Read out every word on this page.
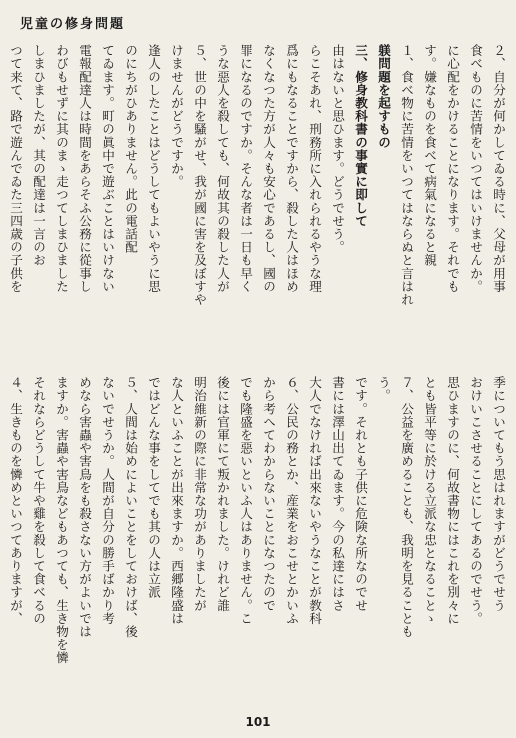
児童の修身問題
２、自分が何かしてゐる時に、父母が用事
食べものに苦情をいつてはいけませんか。
に心配をかけることになります。それでも
す。嫌なものを食べて病氣になると親
１、食べ物に苦情をいつてはならぬと言はれ
躾問題を起すもの
三、修身教科書の事實に即して
由はないと思ひます。どうでせう。
らこそあれ、刑務所に入れられるやうな理
爲にもなることですから、殺した人はほめ
なくなつた方が人々も安心であるし、國の
罪になるのですか。そんな者は一日も早く
うな惡人を殺しても、何故其の殺した人が
５、世の中を騷がせ、我が國に害を及ぼすや
けませんがどうですか。
逢人のしたことはどうしてもよいやうに思
のにちがひありません。此の電話配
てゐます。町の眞中で遊ぶことはいけない
電報配達人は時間をあらそふ公務に從事し
わびもせずに其のまゝ走つてしまひました
しまひましたが、其の配達は一言のお
つて来て、路で遊んでゐた三四歳の子供を
季についてもう思はれますがどうでせう
おけいこさせることにしてあるのでせう。
思ひますのに、何故書物にはこれを別々に
とも皆平等に於ける立派な忠となることゝ
７、公益を廣めることも、我明を見ることも
う。
です。それとも子供に危険な所なのでせ
書には澤山出てゐます。今の私達にはさ
大人でなければ出來ないやうなことが教科
６、公民の務とか、産業をおこせとかいふ
から考へてわからないことになつたので
でも隆盛を惡いといふ人はありません。こ
後には官軍にて叛かれました。けれど誰
明治維新の際に非常な功がありましたが
な人といふことが出來ますか。西郷隆盛は
ではどんな事をしてでも其の人は立派
５、人間は始めによいことをしておけば、後
ないでせうか。人間が自分の勝手ばかり考
めなら害蟲や害鳥をも殺さない方がよいでは
ますか。害蟲や害鳥などもあつても、生き物を憐
それならどうして牛や雞を殺して食べるの
４、生きものを憐めといつてありますが、
101
